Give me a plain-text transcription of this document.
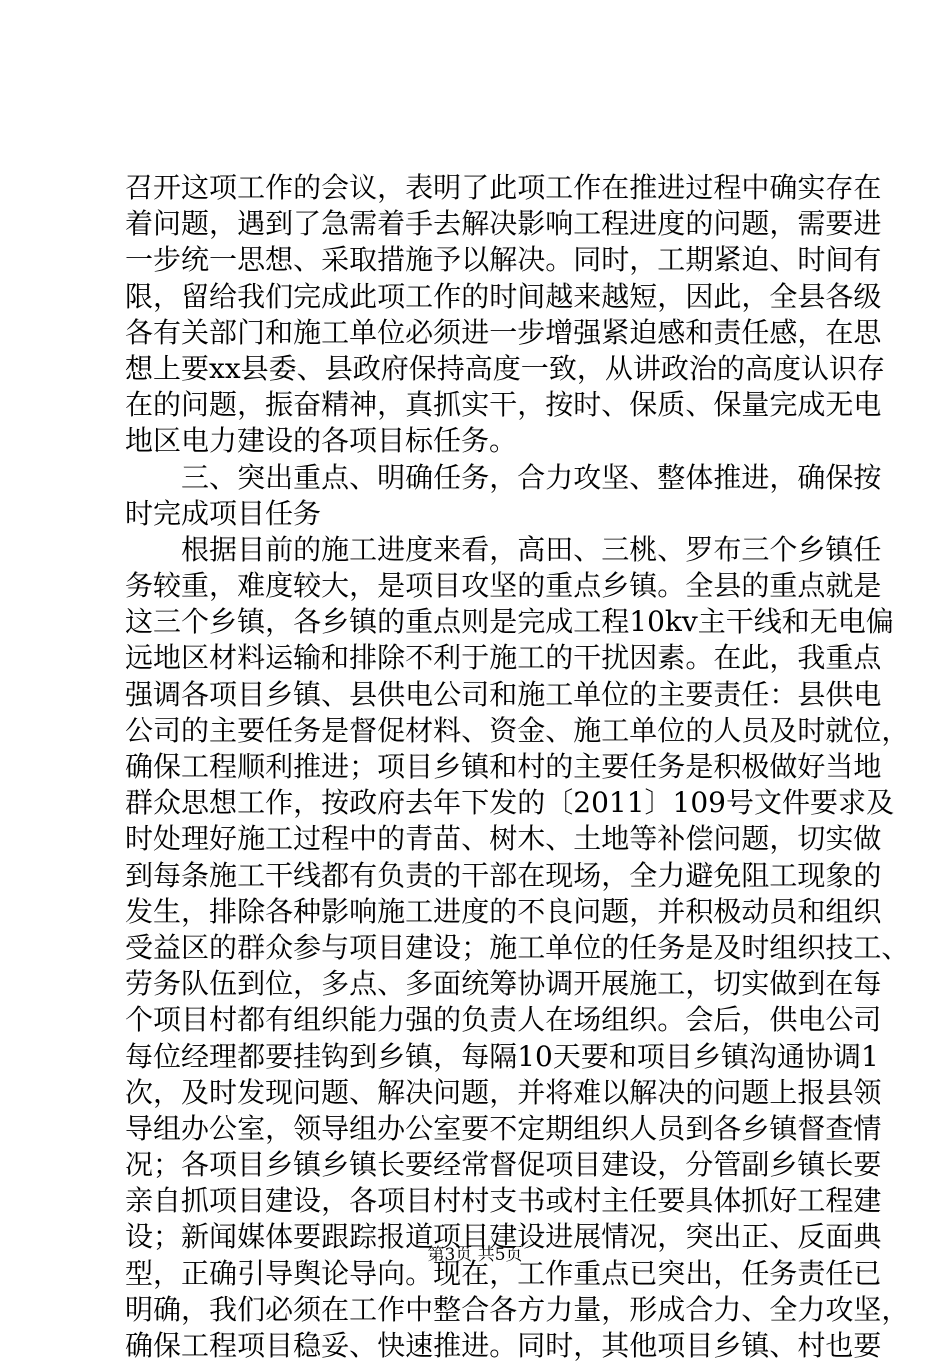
召 开 这 项 工 作 的 会 议 ， 表 明 了 此 项 工 作 在 推 进 过 程 中 确 实 存 在
着 问 题 ， 遇 到 了 急 需 着 手 去 解 决 影 响 工 程 进 度 的 问 题 ， 需 要 进
一 步 统 一 思 想 、 采 取 措 施 予 以 解 决 。 同 时 ， 工 期 紧 迫 、 时 间 有
限 ， 留 给 我 们 完 成 此 项 工 作 的 时 间 越 来 越 短 ， 因 此 ， 全 县 各 级
各 有 关 部 门 和 施 工 单 位 必 须 进 一 步 增 强 紧 迫 感 和 责 任 感 ， 在 思
想 上 要 xx 县 委 、 县 政 府 保 持 高 度 一 致 ， 从 讲 政 治 的 高 度 认 识 存
在 的 问 题 ， 振 奋 精 神 ， 真 抓 实 干 ， 按 时 、 保 质 、 保 量 完 成 无 电
地区电力建设的各项目标任务。

三 、 突 出 重 点 、 明 确 任 务 ， 合 力 攻 坚 、 整 体 推 进 ， 确 保 按
时完成项目任务

根 据 目 前 的 施 工 进 度 来 看 ， 高 田 、 三 桃 、 罗 布 三 个 乡 镇 任
务 较 重 ， 难 度 较 大 ， 是 项 目 攻 坚 的 重 点 乡 镇 。 全 县 的 重 点 就 是
这 三 个 乡 镇 ， 各 乡 镇 的 重 点 则 是 完 成 工 程 10kv 主 干 线 和 无 电 偏
远 地 区 材 料 运 输 和 排 除 不 利 于 施 工 的 干 扰 因 素 。 在 此 ， 我 重 点
强 调 各 项 目 乡 镇 、 县 供 电 公 司 和 施 工 单 位 的 主 要 责 任 ： 县 供 电
公 司 的 主 要 任 务 是 督 促 材 料 、 资 金 、 施 工 单 位 的 人 员 及 时 就 位 ，
确 保 工 程 顺 利 推 进 ； 项 目 乡 镇 和 村 的 主 要 任 务 是 积 极 做 好 当 地
群 众 思 想 工 作 ， 按 政 府 去 年 下 发 的 〔 2011 〕 109 号 文 件 要 求 及
时 处 理 好 施 工 过 程 中 的 青 苗 、 树 木 、 土 地 等 补 偿 问 题 ， 切 实 做
到 每 条 施 工 干 线 都 有 负 责 的 干 部 在 现 场 ， 全 力 避 免 阻 工 现 象 的
发 生 ， 排 除 各 种 影 响 施 工 进 度 的 不 良 问 题 ， 并 积 极 动 员 和 组 织
受 益 区 的 群 众 参 与 项 目 建 设 ； 施 工 单 位 的 任 务 是 及 时 组 织 技 工 、
劳 务 队 伍 到 位 ， 多 点 、 多 面 统 筹 协 调 开 展 施 工 ， 切 实 做 到 在 每
个 项 目 村 都 有 组 织 能 力 强 的 负 责 人 在 场 组 织 。 会 后 ， 供 电 公 司
每 位 经 理 都 要 挂 钩 到 乡 镇 ， 每 隔 10 天 要 和 项 目 乡 镇 沟 通 协 调 1
次 ， 及 时 发 现 问 题 、 解 决 问 题 ， 并 将 难 以 解 决 的 问 题 上 报 县 领
导 组 办 公 室 ， 领 导 组 办 公 室 要 不 定 期 组 织 人 员 到 各 乡 镇 督 查 情
况 ； 各 项 目 乡 镇 乡 镇 长 要 经 常 督 促 项 目 建 设 ， 分 管 副 乡 镇 长 要
亲 自 抓 项 目 建 设 ， 各 项 目 村 村 支 书 或 村 主 任 要 具 体 抓 好 工 程 建
设 ； 新 闻 媒 体 要 跟 踪 报 道 项 目 建 设 进 展 情 况 ， 突 出 正 、 反 面 典
型 ， 正 确 引 导 舆 论 导 向 。 现 在 ， 工 作 重 点 已 突 出 ， 任 务 责 任 已
明 确 ， 我 们 必 须 在 工 作 中 整 合 各 方 力 量 ， 形 成 合 力 、 全 力 攻 坚 ，
确 保 工 程 项 目 稳 妥 、 快 速 推 进 。 同 时 ， 其 他 项 目 乡 镇 、 村 也 要
第3页 共5页
